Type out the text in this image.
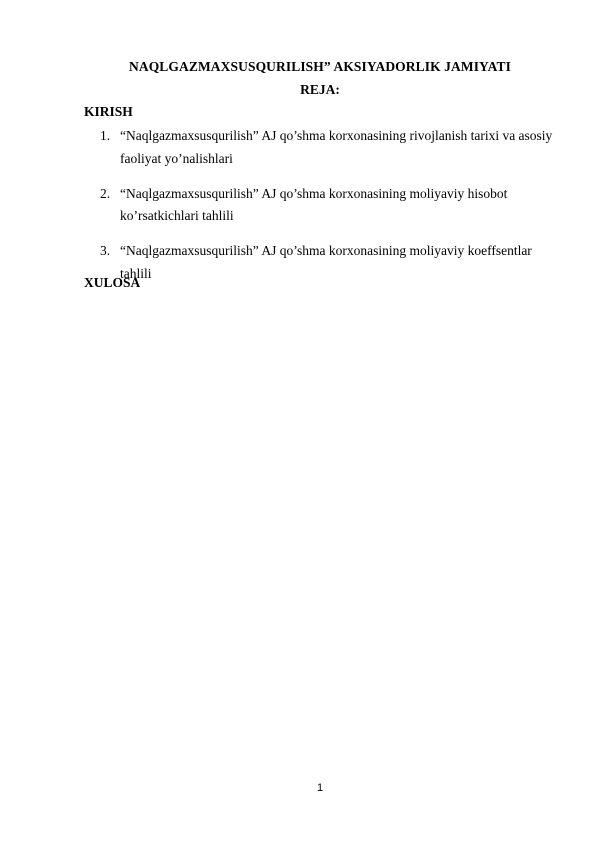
NAQLGAZMAXSUSQURILISH” AKSIYADORLIK JAMIYATI
REJA:
KIRISH
1. “Naqlgazmaxsusqurilish” AJ qo’shma korxonasining rivojlanish tarixi va asosiy faoliyat yo’nalishlari
2. “Naqlgazmaxsusqurilish” AJ qo’shma korxonasining moliyaviy hisobot ko’rsatkichlari tahlili
3. “Naqlgazmaxsusqurilish” AJ qo’shma korxonasining moliyaviy koeffsentlar tahlili
XULOSA
1
